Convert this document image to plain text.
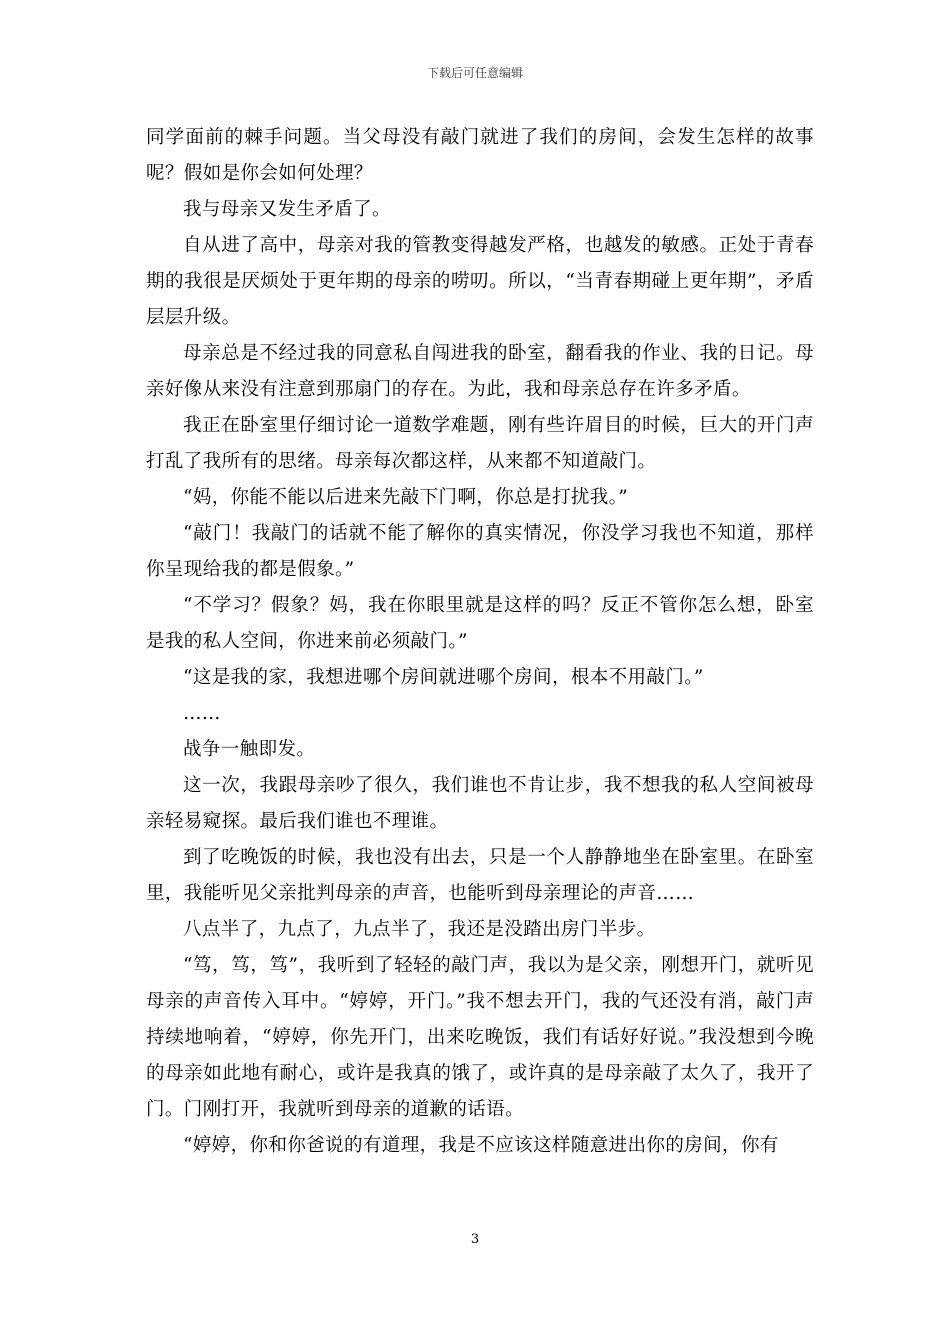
下载后可任意编辑

同学面前的棘手问题。当父母没有敲门就进了我们的房间，会发生怎样的故事呢？假如是你会如何处理？

我与母亲又发生矛盾了。

自从进了高中，母亲对我的管教变得越发严格，也越发的敏感。正处于青春期的我很是厌烦处于更年期的母亲的唠叨。所以，“当青春期碰上更年期”，矛盾层层升级。

母亲总是不经过我的同意私自闯进我的卧室，翻看我的作业、我的日记。母亲好像从来没有注意到那扇门的存在。为此，我和母亲总存在许多矛盾。

我正在卧室里仔细讨论一道数学难题，刚有些许眉目的时候，巨大的开门声打乱了我所有的思绪。母亲每次都这样，从来都不知道敲门。

“妈，你能不能以后进来先敲下门啊，你总是打扰我。”

“敲门！我敲门的话就不能了解你的真实情况，你没学习我也不知道，那样你呈现给我的都是假象。”

“不学习？假象？妈，我在你眼里就是这样的吗？反正不管你怎么想，卧室是我的私人空间，你进来前必须敲门。”

“这是我的家，我想进哪个房间就进哪个房间，根本不用敲门。”

……

战争一触即发。

这一次，我跟母亲吵了很久，我们谁也不肯让步，我不想我的私人空间被母亲轻易窥探。最后我们谁也不理谁。

到了吃晚饭的时候，我也没有出去，只是一个人静静地坐在卧室里。在卧室里，我能听见父亲批判母亲的声音，也能听到母亲理论的声音……

八点半了，九点了，九点半了，我还是没踏出房门半步。

“笃，笃，笃”，我听到了轻轻的敲门声，我以为是父亲，刚想开门，就听见母亲的声音传入耳中。“婷婷，开门。”我不想去开门，我的气还没有消，敲门声持续地响着，“婷婷，你先开门，出来吃晚饭，我们有话好好说。”我没想到今晚的母亲如此地有耐心，或许是我真的饿了，或许真的是母亲敲了太久了，我开了门。门刚打开，我就听到母亲的道歉的话语。

“婷婷，你和你爸说的有道理，我是不应该这样随意进出你的房间，你有

3
